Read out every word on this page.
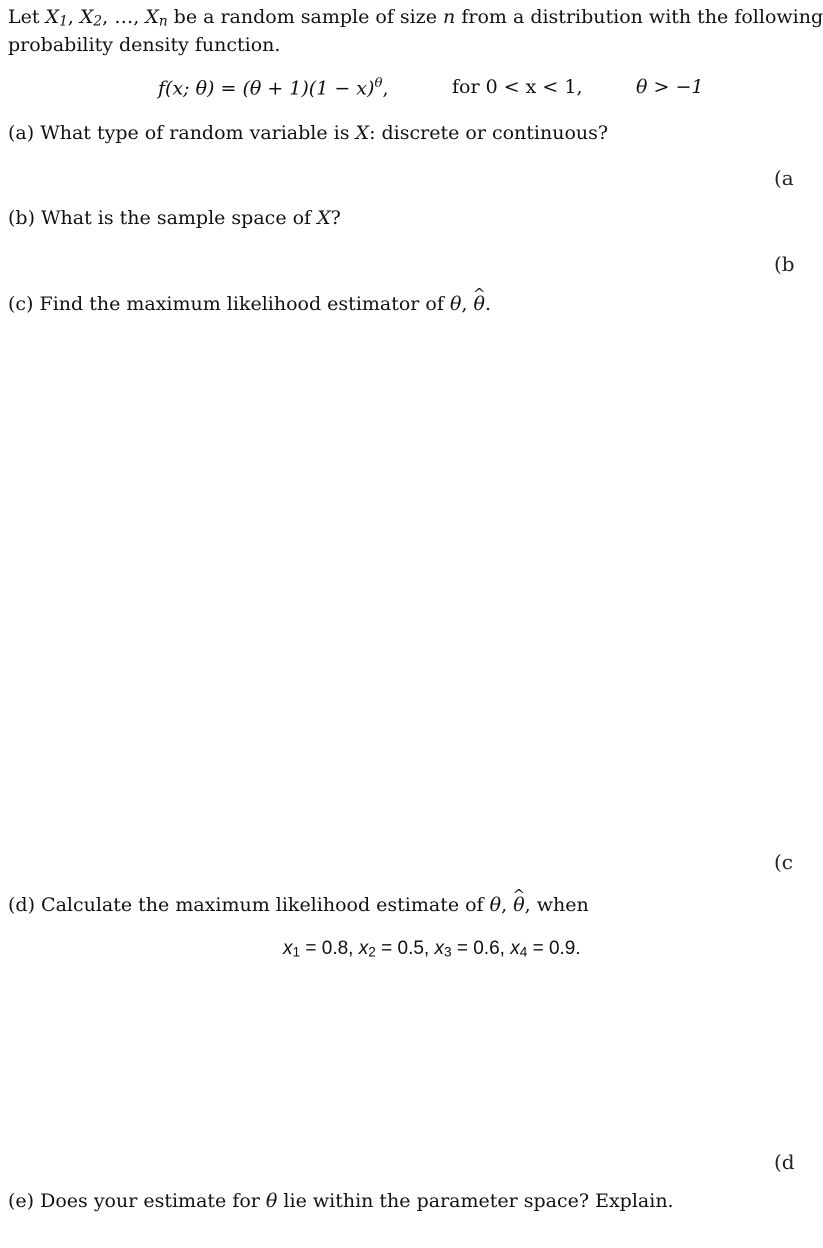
Let $X_1$, $X_2$, …, $X_n$ be a random sample of size n from a distribution with the following
probability density function.
f(x; $\theta) = (\theta + 1)(1 - x)^\theta$,	for 0 < x < 1,	θ > −1
(a) What type of random variable is X: discrete or continuous?
(a
(b) What is the sample space of X?
(b
(c) Find the maximum likelihood estimator of θ, ^ θ.
(c
(d) Calculate the maximum likelihood estimate of θ, ^ θ, when
$x_1 = 0.8$, $x_2 = 0.5$, $x_3 = 0.6$, $x_4 = 0.9$.
(d
(e) Does your estimate for θ lie within the parameter space? Explain.
